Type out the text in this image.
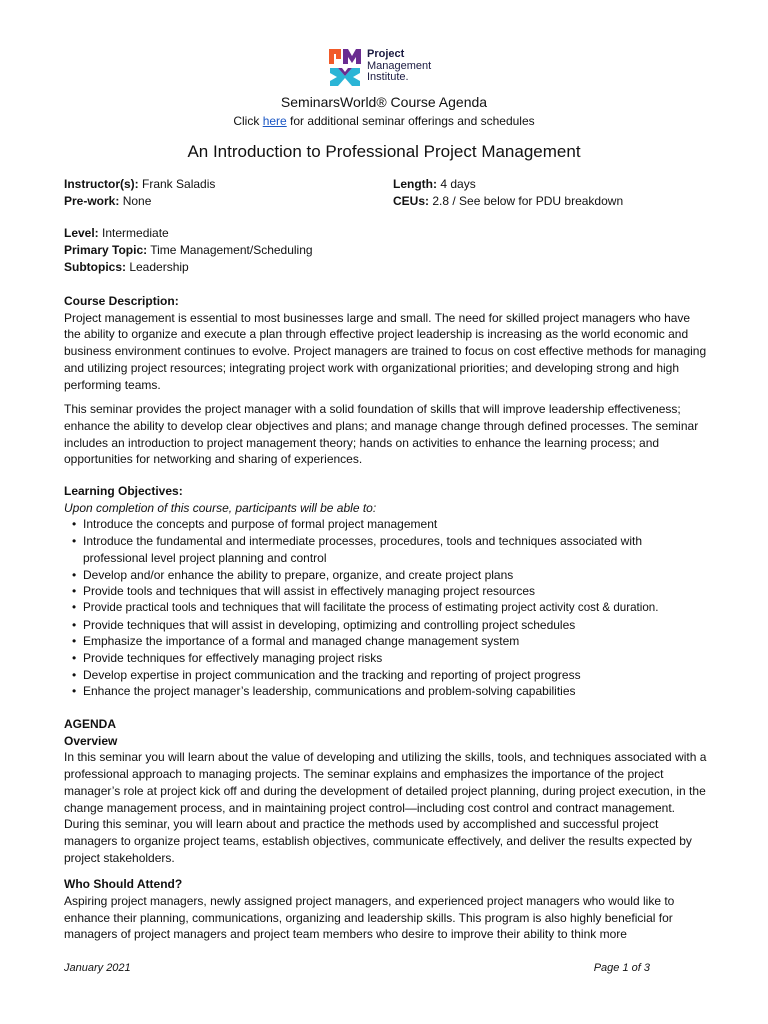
Project
Management
Institute.
SeminarsWorld® Course Agenda
Click here for additional seminar offerings and schedules
An Introduction to Professional Project Management
Instructor(s): Frank Saladis
Pre-work: None
Length: 4 days
CEUs: 2.8 / See below for PDU breakdown
Level: Intermediate
Primary Topic: Time Management/Scheduling
Subtopics: Leadership
Course Description:

Project management is essential to most businesses large and small. The need for skilled project managers who have the ability to organize and execute a plan through effective project leadership is increasing as the world economic and business environment continues to evolve. Project managers are trained to focus on cost effective methods for managing and utilizing project resources; integrating project work with organizational priorities; and developing strong and high performing teams.

This seminar provides the project manager with a solid foundation of skills that will improve leadership effectiveness; enhance the ability to develop clear objectives and plans; and manage change through defined processes. The seminar includes an introduction to project management theory; hands on activities to enhance the learning process; and opportunities for networking and sharing of experiences.

Learning Objectives:
Upon completion of this course, participants will be able to:
• Introduce the concepts and purpose of formal project management
• Introduce the fundamental and intermediate processes, procedures, tools and techniques associated with professional level project planning and control
• Develop and/or enhance the ability to prepare, organize, and create project plans
• Provide tools and techniques that will assist in effectively managing project resources
• Provide practical tools and techniques that will facilitate the process of estimating project activity cost & duration.
• Provide techniques that will assist in developing, optimizing and controlling project schedules
• Emphasize the importance of a formal and managed change management system
• Provide techniques for effectively managing project risks
• Develop expertise in project communication and the tracking and reporting of project progress
• Enhance the project manager’s leadership, communications and problem-solving capabilities
AGENDA
Overview

In this seminar you will learn about the value of developing and utilizing the skills, tools, and techniques associated with a professional approach to managing projects. The seminar explains and emphasizes the importance of the project manager’s role at project kick off and during the development of detailed project planning, during project execution, in the change management process, and in maintaining project control—including cost control and contract management. During this seminar, you will learn about and practice the methods used by accomplished and successful project managers to organize project teams, establish objectives, communicate effectively, and deliver the results expected by project stakeholders.

Who Should Attend?

Aspiring project managers, newly assigned project managers, and experienced project managers who would like to enhance their planning, communications, organizing and leadership skills. This program is also highly beneficial for managers of project managers and project team members who desire to improve their ability to think more

January 2021	Page 1 of 3
